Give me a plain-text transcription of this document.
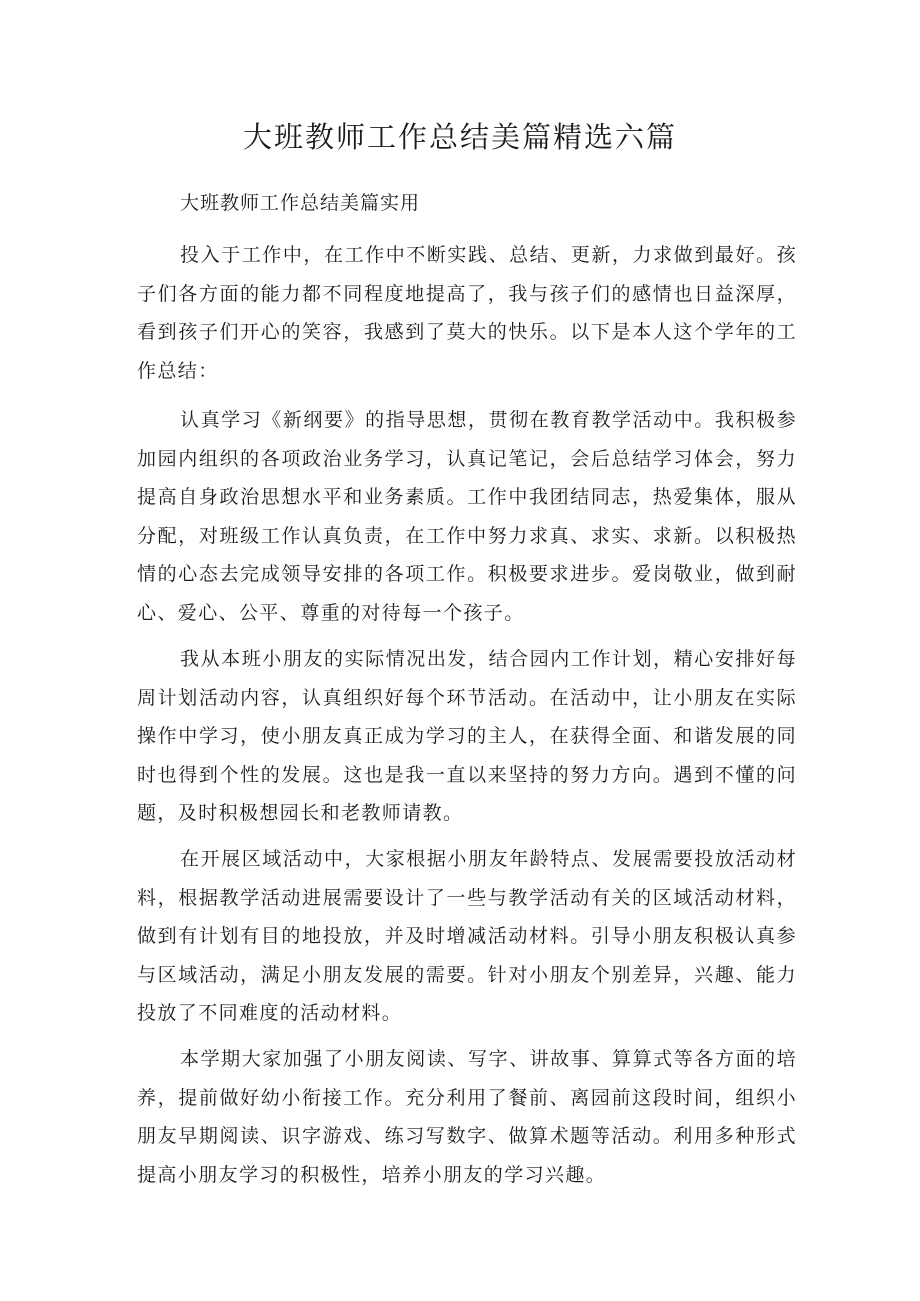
大班教师工作总结美篇精选六篇

大班教师工作总结美篇实用

投入于工作中，在工作中不断实践、总结、更新，力求做到最好。孩子们各方面的能力都不同程度地提高了，我与孩子们的感情也日益深厚，看到孩子们开心的笑容，我感到了莫大的快乐。以下是本人这个学年的工作总结：

认真学习《新纲要》的指导思想，贯彻在教育教学活动中。我积极参加园内组织的各项政治业务学习，认真记笔记，会后总结学习体会，努力提高自身政治思想水平和业务素质。工作中我团结同志，热爱集体，服从分配，对班级工作认真负责，在工作中努力求真、求实、求新。以积极热情的心态去完成领导安排的各项工作。积极要求进步。爱岗敬业，做到耐心、爱心、公平、尊重的对待每一个孩子。

我从本班小朋友的实际情况出发，结合园内工作计划，精心安排好每周计划活动内容，认真组织好每个环节活动。在活动中，让小朋友在实际操作中学习，使小朋友真正成为学习的主人，在获得全面、和谐发展的同时也得到个性的发展。这也是我一直以来坚持的努力方向。遇到不懂的问题，及时积极想园长和老教师请教。

在开展区域活动中，大家根据小朋友年龄特点、发展需要投放活动材料，根据教学活动进展需要设计了一些与教学活动有关的区域活动材料，做到有计划有目的地投放，并及时增减活动材料。引导小朋友积极认真参与区域活动，满足小朋友发展的需要。针对小朋友个别差异，兴趣、能力投放了不同难度的活动材料。

本学期大家加强了小朋友阅读、写字、讲故事、算算式等各方面的培养，提前做好幼小衔接工作。充分利用了餐前、离园前这段时间，组织小朋友早期阅读、识字游戏、练习写数字、做算术题等活动。利用多种形式提高小朋友学习的积极性，培养小朋友的学习兴趣。
